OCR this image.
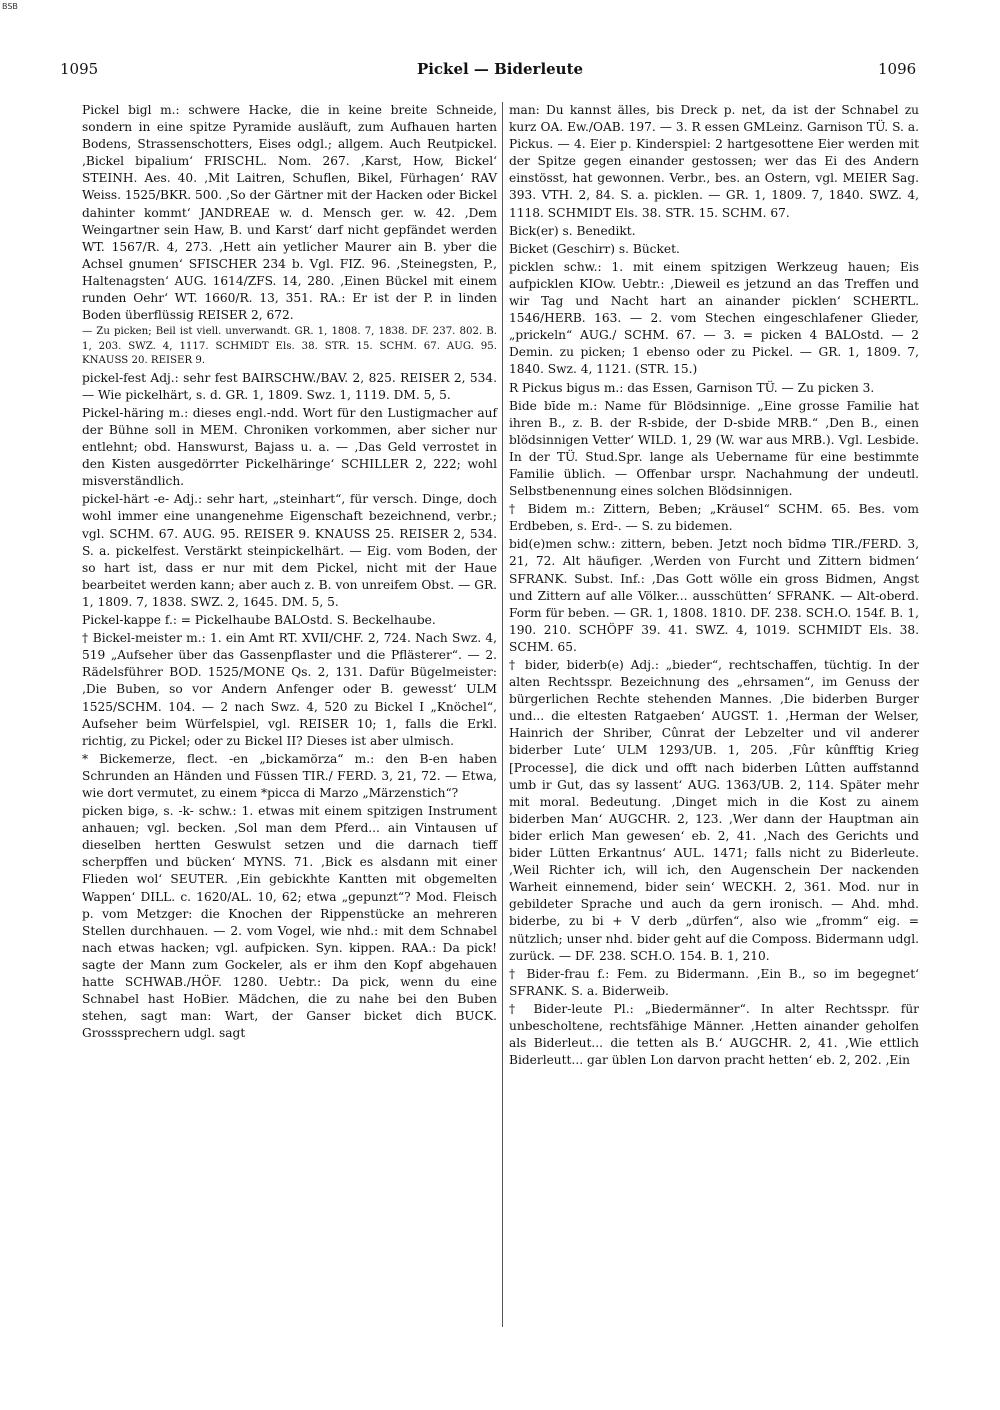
BSB
1095	Pickel — Biderleute	1096

Pickel bigl m.: schwere Hacke, die in keine breite Schneide, sondern in eine spitze Pyramide ausläuft, zum Aufhauen harten Bodens, Strassenschotters, Eises odgl.; allgem. Auch Reutpickel. ‚Bickel bipalium‘ FRISCHL. Nom. 267. ‚Karst, How, Bickel‘ STEINH. Aes. 40. ‚Mit Laitren, Schuflen, Bikel, Fürhagen‘ RAV Weiss. 1525/BKR. 500. ‚So der Gärtner mit der Hacken oder Bickel dahinter kommt‘ JANDREAE w. d. Mensch ger. w. 42. ‚Dem Weingartner sein Haw, B. und Karst‘ darf nicht gepfändet werden WT. 1567/R. 4, 273. ‚Hett ain yetlicher Maurer ain B. yber die Achsel gnumen‘ SFISCHER 234 b. Vgl. FIZ. 96. ‚Steinegsten, P., Haltenagsten‘ AUG. 1614/ZFS. 14, 280. ‚Einen Bückel mit einem runden Oehr‘ WT. 1660/R. 13, 351. RA.: Er ist der P. in linden Boden überflüssig REISER 2, 672.

— Zu picken; Beil ist viell. unverwandt. GR. 1, 1808. 7, 1838. DF. 237. 802. B. 1, 203. SWZ. 4, 1117. SCHMIDT Els. 38. STR. 15. SCHM. 67. AUG. 95. KNAUSS 20. REISER 9.

pickel-fest Adj.: sehr fest BAIRSCHW./BAV. 2, 825. REISER 2, 534. — Wie pickelhärt, s. d. GR. 1, 1809. Swz. 1, 1119. DM. 5, 5.

Pickel-häring m.: dieses engl.-ndd. Wort für den Lustigmacher auf der Bühne soll in MEM. Chroniken vorkommen, aber sicher nur entlehnt; obd. Hanswurst, Bajass u. a. — ‚Das Geld verrostet in den Kisten ausgedörrter Pickelhäringe‘ SCHILLER 2, 222; wohl misverständlich.

pickel-härt -e- Adj.: sehr hart, „steinhart“, für versch. Dinge, doch wohl immer eine unangenehme Eigenschaft bezeichnend, verbr.; vgl. SCHM. 67. AUG. 95. REISER 9. KNAUSS 25. REISER 2, 534. S. a. pickelfest. Verstärkt steinpickelhärt. — Eig. vom Boden, der so hart ist, dass er nur mit dem Pickel, nicht mit der Haue bearbeitet werden kann; aber auch z. B. von unreifem Obst. — GR. 1, 1809. 7, 1838. SWZ. 2, 1645. DM. 5, 5.

Pickel-kappe f.: = Pickelhaube BALOstd. S. Beckelhaube.

† Bickel-meister m.: 1. ein Amt RT. XVII/CHF. 2, 724. Nach Swz. 4, 519 „Aufseher über das Gassenpflaster und die Pflästerer“. — 2. Rädelsführer BOD. 1525/MONE Qs. 2, 131. Dafür Bügelmeister: ‚Die Buben, so vor Andern Anfenger oder B. gewesst‘ ULM 1525/SCHM. 104. — 2 nach Swz. 4, 520 zu Bickel I „Knöchel“, Aufseher beim Würfelspiel, vgl. REISER 10; 1, falls die Erkl. richtig, zu Pickel; oder zu Bickel II? Dieses ist aber ulmisch.

* Bickemerze, flect. -en „bickamörza“ m.: den B-en haben Schrunden an Händen und Füssen TIR./ FERD. 3, 21, 72. — Etwa, wie dort vermutet, zu einem *picca di Marzo „Märzenstich“?

picken bigə, s. -k- schw.: 1. etwas mit einem spitzigen Instrument anhauen; vgl. becken. ‚Sol man dem Pferd... ain Vintausen uf dieselben hertten Geswulst setzen und die darnach tieff scherpffen und bücken‘ MYNS. 71. ‚Bick es alsdann mit einer Flieden wol‘ SEUTER. ‚Ein gebickhte Kantten mit obgemelten Wappen‘ DILL. c. 1620/AL. 10, 62; etwa „gepunzt“? Mod. Fleisch p. vom Metzger: die Knochen der Rippenstücke an mehreren Stellen durchhauen. — 2. vom Vogel, wie nhd.: mit dem Schnabel nach etwas hacken; vgl. aufpicken. Syn. kippen. RAA.: Da pick! sagte der Mann zum Gockeler, als er ihm den Kopf abgehauen hatte SCHWAB./HÖF. 1280. Uebtr.: Da pick, wenn du eine Schnabel hast HoBier. Mädchen, die zu nahe bei den Buben stehen, sagt man: Wart, der Ganser bicket dich BUCK. Grosssprechern udgl. sagt

man: Du kannst älles, bis Dreck p. net, da ist der Schnabel zu kurz OA. Ew./OAB. 197. — 3. R essen GMLeinz. Garnison TÜ. S. a. Pickus. — 4. Eier p. Kinderspiel: 2 hartgesottene Eier werden mit der Spitze gegen einander gestossen; wer das Ei des Andern einstösst, hat gewonnen. Verbr., bes. an Ostern, vgl. MEIER Sag. 393. VTH. 2, 84. S. a. picklen. — GR. 1, 1809. 7, 1840. SWZ. 4, 1118. SCHMIDT Els. 38. STR. 15. SCHM. 67.

Bick(er) s. Benedikt.

Bicket (Geschirr) s. Bücket.

picklen schw.: 1. mit einem spitzigen Werkzeug hauen; Eis aufpicklen KIOw. Uebtr.: ‚Dieweil es jetzund an das Treffen und wir Tag und Nacht hart an ainander picklen‘ SCHERTL. 1546/HERB. 163. — 2. vom Stechen eingeschlafener Glieder, „prickeln“ AUG./ SCHM. 67. — 3. = picken 4 BALOstd. — 2 Demin. zu picken; 1 ebenso oder zu Pickel. — GR. 1, 1809. 7, 1840. Swz. 4, 1121. (STR. 15.)

R Pickus bigus m.: das Essen, Garnison TÜ. — Zu picken 3.

Bide bīde m.: Name für Blödsinnige. „Eine grosse Familie hat ihren B., z. B. der R-sbide, der D-sbide MRB.“ ‚Den B., einen blödsinnigen Vetter‘ WILD. 1, 29 (W. war aus MRB.). Vgl. Lesbide. In der TÜ. Stud.Spr. lange als Uebername für eine bestimmte Familie üblich. — Offenbar urspr. Nachahmung der undeutl. Selbstbenennung eines solchen Blödsinnigen.

† Bidem m.: Zittern, Beben; „Kräusel“ SCHM. 65. Bes. vom Erdbeben, s. Erd-. — S. zu bidemen.

bid(e)men schw.: zittern, beben. Jetzt noch bīdmə TIR./FERD. 3, 21, 72. Alt häufiger. ‚Werden von Furcht und Zittern bidmen‘ SFRANK. Subst. Inf.: ‚Das Gott wölle ein gross Bidmen, Angst und Zittern auf alle Völker... ausschütten‘ SFRANK. — Alt-oberd. Form für beben. — GR. 1, 1808. 1810. DF. 238. SCH.O. 154f. B. 1, 190. 210. SCHÖPF 39. 41. SWZ. 4, 1019. SCHMIDT Els. 38. SCHM. 65.

† bider, biderb(e) Adj.: „bieder“, rechtschaffen, tüchtig. In der alten Rechtsspr. Bezeichnung des „ehrsamen“, im Genuss der bürgerlichen Rechte stehenden Mannes. ‚Die biderben Burger und... die eltesten Ratgaeben‘ AUGST. 1. ‚Herman der Welser, Hainrich der Shriber, Cûnrat der Lebzelter und vil anderer biderber Lute‘ ULM 1293/UB. 1, 205. ‚Fûr kûnfftig Krieg [Processe], die dick und offt nach biderben Lûtten auffstannd umb ir Gut, das sy lassent‘ AUG. 1363/UB. 2, 114. Später mehr mit moral. Bedeutung. ‚Dinget mich in die Kost zu ainem biderben Man‘ AUGCHR. 2, 123. ‚Wer dann der Hauptman ain bider erlich Man gewesen‘ eb. 2, 41. ‚Nach des Gerichts und bider Lütten Erkantnus‘ AUL. 1471; falls nicht zu Biderleute. ‚Weil Richter ich, will ich, den Augenschein Der nackenden Warheit einnemend, bider sein‘ WECKH. 2, 361. Mod. nur in gebildeter Sprache und auch da gern ironisch. — Ahd. mhd. biderbe, zu bi + V derb „dürfen“, also wie „fromm“ eig. = nützlich; unser nhd. bider geht auf die Composs. Bidermann udgl. zurück. — DF. 238. SCH.O. 154. B. 1, 210.

† Bider-frau f.: Fem. zu Bidermann. ‚Ein B., so im begegnet‘ SFRANK. S. a. Biderweib.

† Bider-leute Pl.: „Biedermänner“. In alter Rechtsspr. für unbescholtene, rechtsfähige Männer. ‚Hetten ainander geholfen als Biderleut... die tetten als B.‘ AUGCHR. 2, 41. ‚Wie ettlich Biderleutt... gar üblen Lon darvon pracht hetten‘ eb. 2, 202. ‚Ein
